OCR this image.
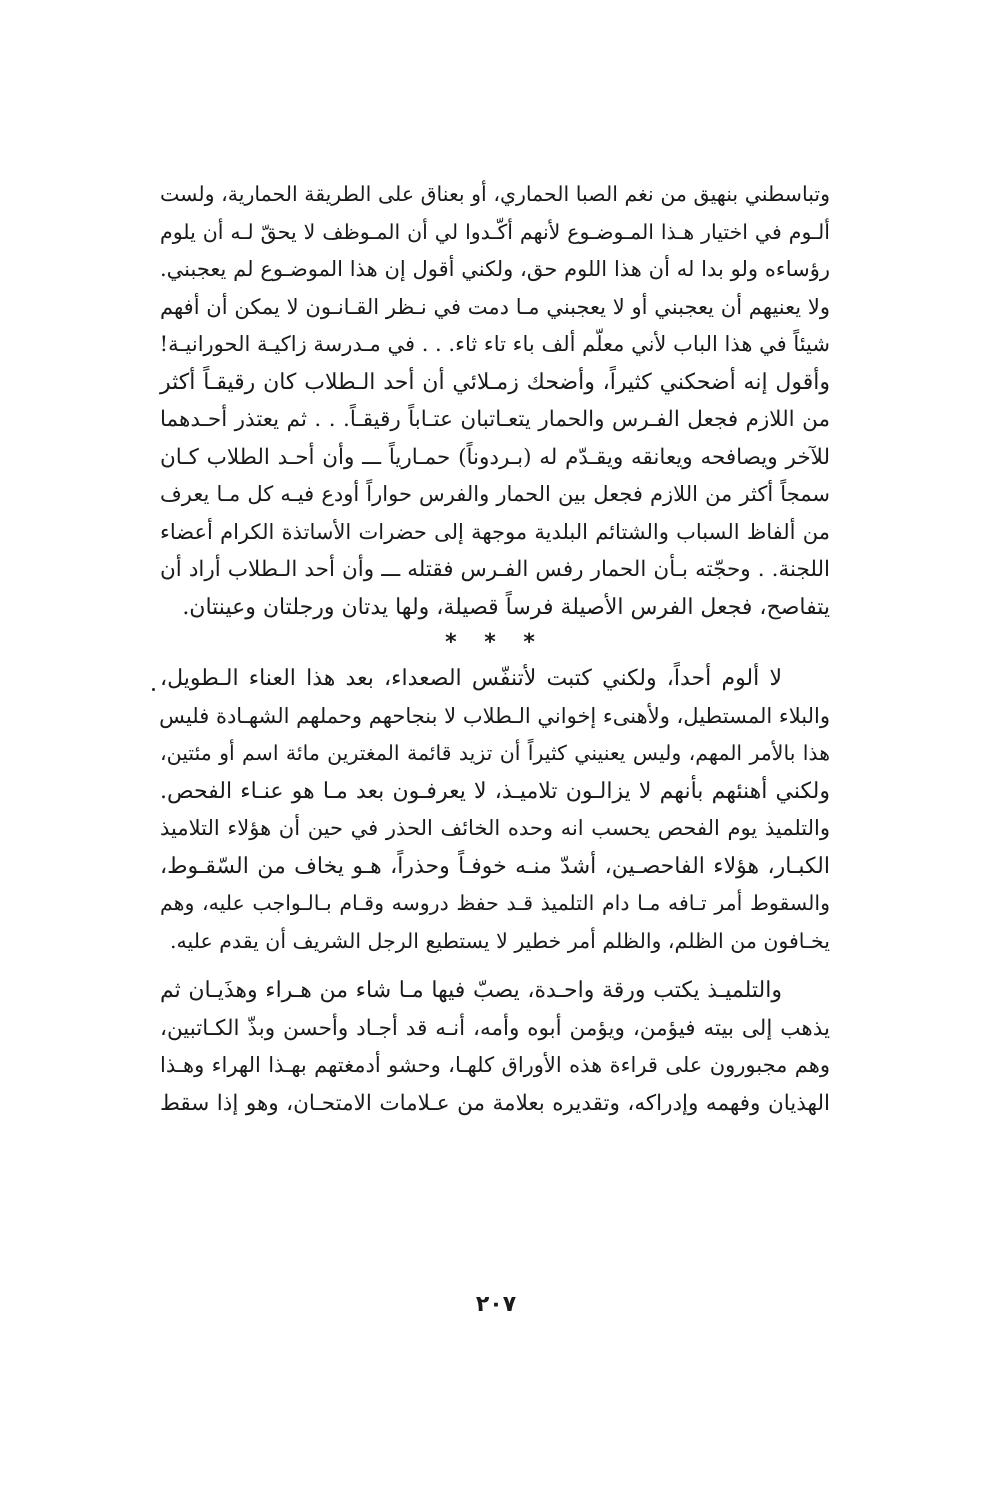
وتباسطني بنهيق من نغم الصبا الحماري، أو بعناق على الطريقة الحمارية، ولست
ألـوم في اختيار هـذا المـوضـوع لأنهم أكّـدوا لي أن المـوظف لا يحقّ لـه أن يلوم
رؤساءه ولو بدا له أن هذا اللوم حق، ولكني أقول إن هذا الموضـوع لم يعجبني.
ولا يعنيهم أن يعجبني أو لا يعجبني مـا دمت في نـظر القـانـون لا يمكن أن أفهم
شيئاً في هذا الباب لأني معلّم ألف باء تاء ثاء. . . في مـدرسة زاكيـة الحورانيـة!
وأقول إنه أضحكني كثيراً، وأضحك زمـلائي أن أحد الـطلاب كان رقيقـاً أكثر
من اللازم فجعل الفـرس والحمار يتعـاتبان عتـاباً رقيقـاً. . . ثم يعتذر أحـدهما
للآخر ويصافحه ويعانقه ويقـدّم له (بـردوناً) حمـارياً ـــ وأن أحـد الطلاب كـان
سمجاً أكثر من اللازم فجعل بين الحمار والفرس حواراً أودع فيـه كل مـا يعرف
من ألفاظ السباب والشتائم البلدية موجهة إلى حضرات الأساتذة الكرام أعضاء
اللجنة. . وحجّته بـأن الحمار رفس الفـرس فقتله ـــ وأن أحد الـطلاب أراد أن
يتفاصح، فجعل الفرس الأصيلة فرساً قصيلة، ولها يدتان ورجلتان وعينتان.
* * *
لا ألوم أحداً، ولكني كتبت لأتنفّس الصعداء، بعد هذا العناء الـطويل،
والبلاء المستطيل، ولأهنىء إخواني الـطلاب لا بنجاحهم وحملهم الشهـادة فليس
هذا بالأمر المهم، وليس يعنيني كثيراً أن تزيد قائمة المغترين مائة اسم أو مئتين،
ولكني أهنئهم بأنهم لا يزالـون تلاميـذ، لا يعرفـون بعد مـا هو عنـاء الفحص.
والتلميذ يوم الفحص يحسب انه وحده الخائف الحذر في حين أن هؤلاء التلاميذ
الكبـار، هؤلاء الفاحصـين، أشدّ منـه خوفـاً وحذراً، هـو يخاف من السّقـوط،
والسقوط أمر تـافه مـا دام التلميذ قـد حفظ دروسه وقـام بـالـواجب عليه، وهم
يخـافون من الظلم، والظلم أمر خطير لا يستطيع الرجل الشريف أن يقدم عليه.
والتلميـذ يكتب ورقة واحـدة، يصبّ فيها مـا شاء من هـراء وهذَيـان ثم
يذهب إلى بيته فيؤمن، ويؤمن أبوه وأمه، أنـه قد أجـاد وأحسن وبذّ الكـاتبين،
وهم مجبورون على قراءة هذه الأوراق كلهـا، وحشو أدمغتهم بهـذا الهراء وهـذا
الهذيان وفهمه وإدراكه، وتقديره بعلامة من عـلامات الامتحـان، وهو إذا سقط
٢٠٧
